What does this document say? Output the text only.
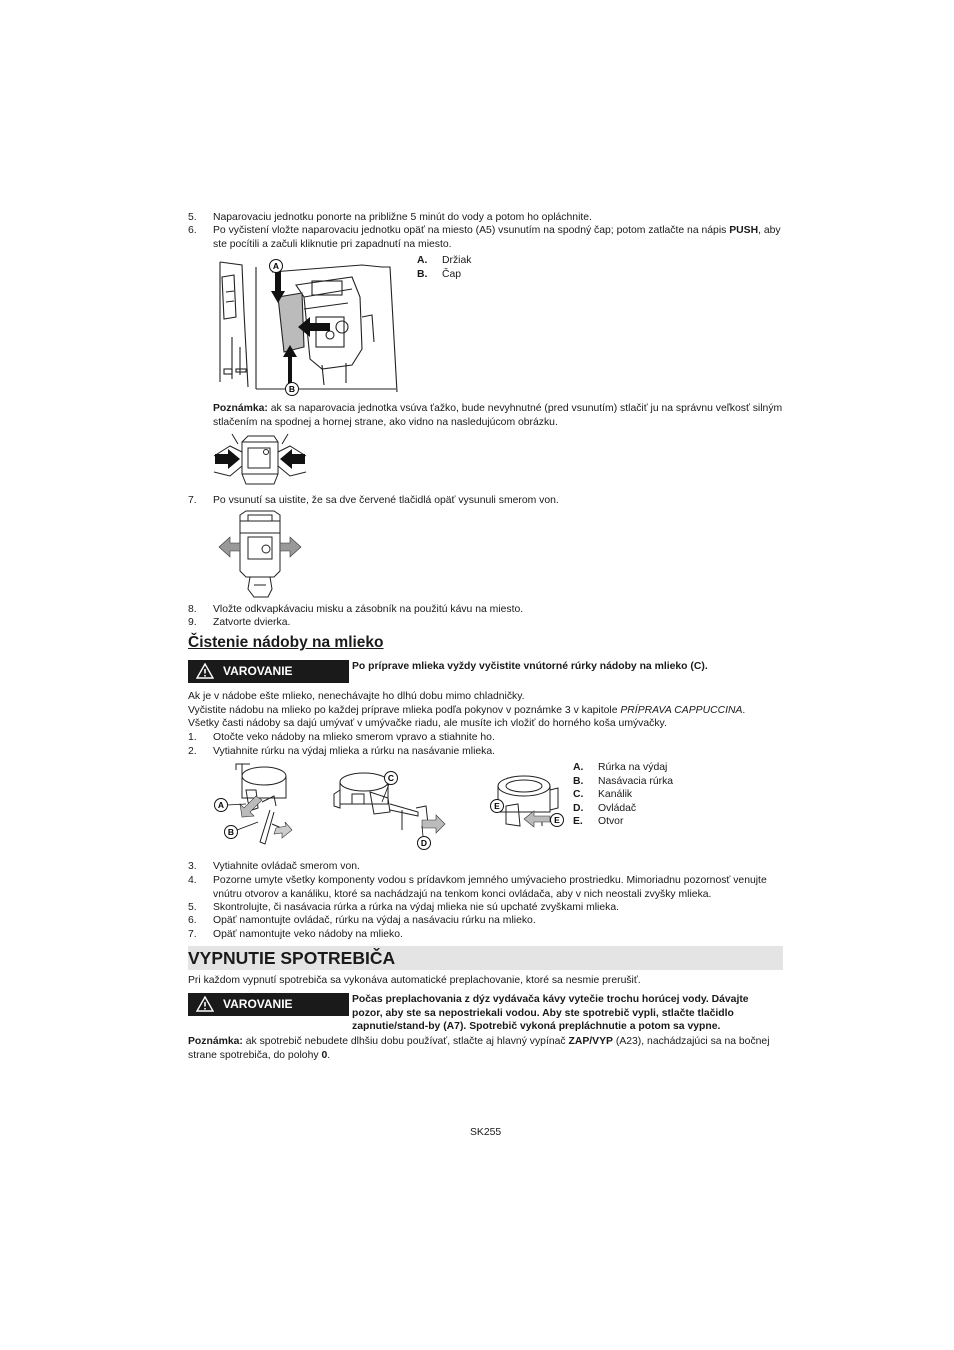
5. Naparovaciu jednotku ponorte na približne 5 minút do vody a potom ho opláchnite.
6. Po vyčistení vložte naparovaciu jednotku opäť na miesto (A5) vsunutím na spodný čap; potom zatlačte na nápis PUSH, aby ste pocítili a začuli kliknutie pri zapadnutí na miesto.
A
B
A. Držiak
B. Čap
Poznámka: ak sa naparovacia jednotka vsúva ťažko, bude nevyhnutné (pred vsunutím) stlačiť ju na správnu veľkosť silným stlačením na spodnej a hornej strane, ako vidno na nasledujúcom obrázku.
7. Po vsunutí sa uistite, že sa dve červené tlačidlá opäť vysunuli smerom von.
8. Vložte odkvapkávaciu misku a zásobník na použitú kávu na miesto.
9. Zatvorte dvierka.
Čistenie nádoby na mlieko
VAROVANIE	Po príprave mlieka vyždy vyčistite vnútorné rúrky nádoby na mlieko (C).
Ak je v nádobe ešte mlieko, nenechávajte ho dlhú dobu mimo chladničky.
Vyčistite nádobu na mlieko po každej príprave mlieka podľa pokynov v poznámke 3 v kapitole PRÍPRAVA CAPPUCCINA.
Všetky časti nádoby sa dajú umývať v umývačke riadu, ale musíte ich vložiť do horného koša umývačky.
1. Otočte veko nádoby na mlieko smerom vpravo a stiahnite ho.
2. Vytiahnite rúrku na výdaj mlieka a rúrku na nasávanie mlieka.
A
B
C
D
E
E
A. Rúrka na výdaj
B. Nasávacia rúrka
C. Kanálik
D. Ovládač
E. Otvor
3. Vytiahnite ovládač smerom von.
4. Pozorne umyte všetky komponenty vodou s prídavkom jemného umývacieho prostriedku. Mimoriadnu pozornosť venujte vnútru otvorov a kanáliku, ktoré sa nachádzajú na tenkom konci ovládača, aby v nich neostali zvyšky mlieka.
5. Skontrolujte, či nasávacia rúrka a rúrka na výdaj mlieka nie sú upchaté zvyškami mlieka.
6. Opäť namontujte ovládač, rúrku na výdaj a nasávaciu rúrku na mlieko.
7. Opäť namontujte veko nádoby na mlieko.
VYPNUTIE SPOTREBIČA
Pri každom vypnutí spotrebiča sa vykonáva automatické preplachovanie, ktoré sa nesmie prerušiť.
VAROVANIE	Počas preplachovania z dýz vydávača kávy vytečie trochu horúcej vody. Dávajte pozor, aby ste sa nepostriekali vodou. Aby ste spotrebič vypli, stlačte tlačidlo zapnutie/stand-by (A7). Spotrebič vykoná prepláchnutie a potom sa vypne.
Poznámka: ak spotrebič nebudete dlhšiu dobu používať, stlačte aj hlavný vypínač ZAP/VYP (A23), nachádzajúci sa na bočnej strane spotrebiča, do polohy 0.
SK255
